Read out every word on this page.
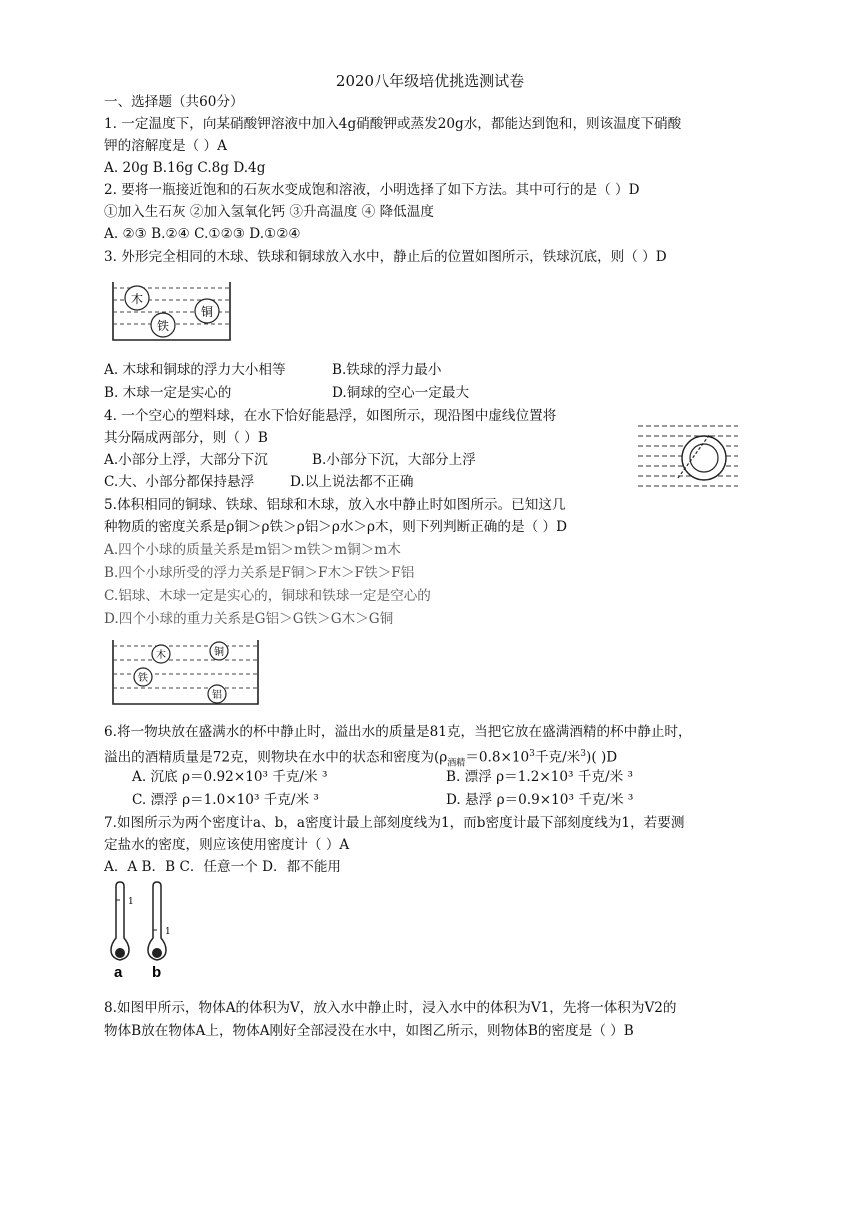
2020八年级培优挑选测试卷
一、选择题（共60分）
1. 一定温度下，向某硝酸钾溶液中加入4g硝酸钾或蒸发20g水，都能达到饱和，则该温度下硝酸
钾的溶解度是（ ）A
A. 20g B.16g C.8g D.4g
2. 要将一瓶接近饱和的石灰水变成饱和溶液，小明选择了如下方法。其中可行的是（ ）D
①加入生石灰 ②加入氢氧化钙 ③升高温度 ④ 降低温度
A. ②③ B.②④ C.①②③ D.①②④
3. 外形完全相同的木球、铁球和铜球放入水中，静止后的位置如图所示，铁球沉底，则（ ）D
木
铜
铁
A. 木球和铜球的浮力大小相等	B.铁球的浮力最小
B. 木球一定是实心的	D.铜球的空心一定最大
4. 一个空心的塑料球，在水下恰好能悬浮，如图所示，现沿图中虚线位置将
其分隔成两部分，则（ ）B
A.小部分上浮，大部分下沉	B.小部分下沉，大部分上浮
C.大、小部分都保持悬浮	D.以上说法都不正确
5.体积相同的铜球、铁球、铝球和木球，放入水中静止时如图所示。已知这几
种物质的密度关系是ρ铜＞ρ铁＞ρ铝＞ρ水＞ρ木，则下列判断正确的是（ ）D
A.四个小球的质量关系是m铝＞m铁＞m铜＞m木
B.四个小球所受的浮力关系是F铜＞F木＞F铁＞F铝
C.铝球、木球一定是实心的，铜球和铁球一定是空心的
D.四个小球的重力关系是G铝＞G铁＞G木＞G铜
木	铜
铁
铝
6.将一物块放在盛满水的杯中静止时，溢出水的质量是81克，当把它放在盛满酒精的杯中静止时，
溢出的酒精质量是72克，则物块在水中的状态和密度为($\rho_{酒精}=0.8\times 10^3$千克/米$^3$)( )D
A. 沉底 ρ＝0.92×10³ 千克/米 ³	B. 漂浮 ρ＝1.2×10³ 千克/米 ³
C. 漂浮 ρ＝1.0×10³ 千克/米 ³	D. 悬浮 ρ＝0.9×10³ 千克/米 ³
7.如图所示为两个密度计a、b，a密度计最上部刻度线为1，而b密度计最下部刻度线为1，若要测
定盐水的密度，则应该使用密度计（ ）A
A．A B．B C．任意一个 D．都不能用
1
1
a b
8.如图甲所示，物体A的体积为V，放入水中静止时，浸入水中的体积为V1，先将一体积为V2的
物体B放在物体A上，物体A刚好全部浸没在水中，如图乙所示，则物体B的密度是（ ）B
